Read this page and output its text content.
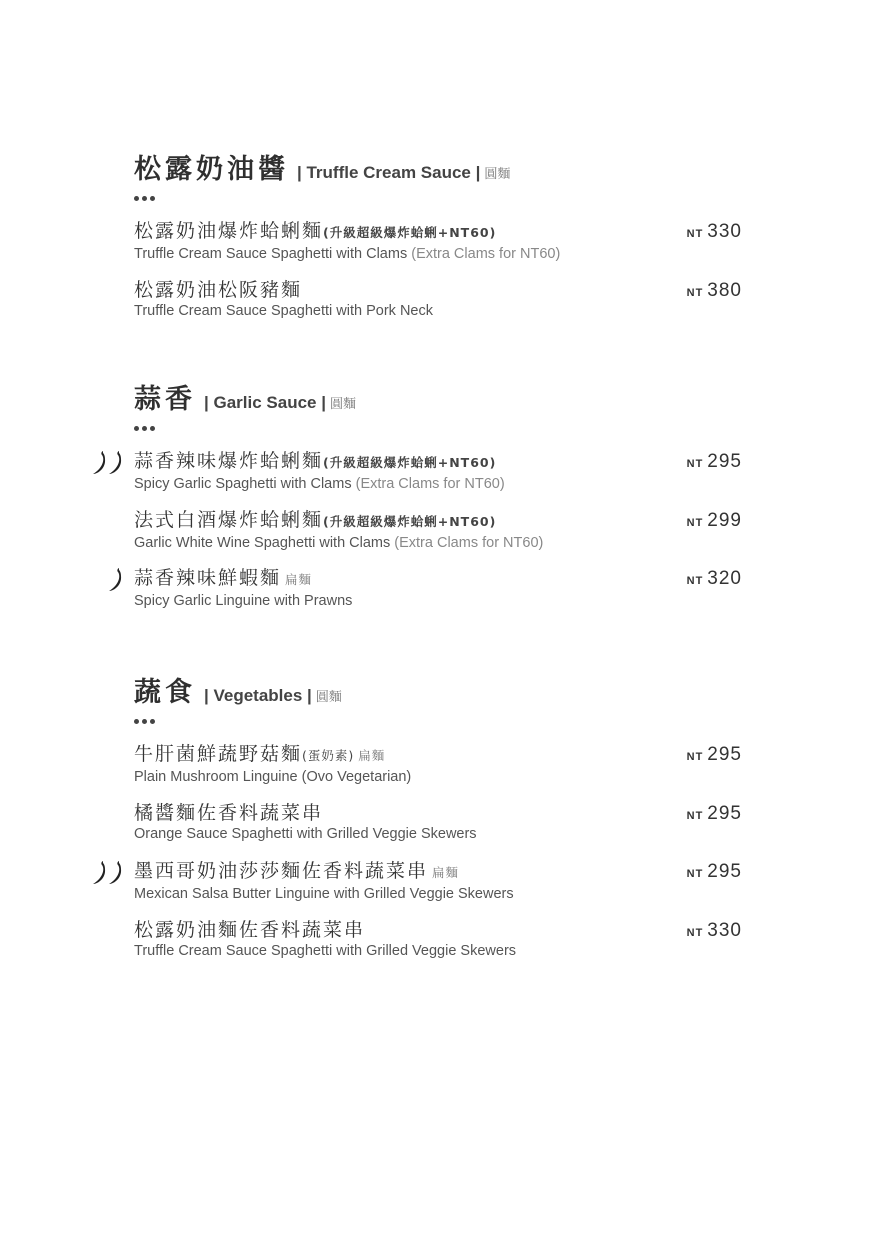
松露奶油醬 | Truffle Cream Sauce | 圓麵
松露奶油爆炸蛤蜊麵(升級超級爆炸蛤蜊+NT60)
Truffle Cream Sauce Spaghetti with Clams (Extra Clams for NT60)
NT 330
松露奶油松阪豬麵
Truffle Cream Sauce Spaghetti with Pork Neck
NT 380
蒜香 | Garlic Sauce | 圓麵
蒜香辣味爆炸蛤蜊麵(升級超級爆炸蛤蜊+NT60)
Spicy Garlic Spaghetti with Clams (Extra Clams for NT60)
NT 295
法式白酒爆炸蛤蜊麵(升級超級爆炸蛤蜊+NT60)
Garlic White Wine Spaghetti with Clams (Extra Clams for NT60)
NT 299
蒜香辣味鮮蝦麵 扁麵
Spicy Garlic Linguine with Prawns
NT 320
蔬食 | Vegetables | 圓麵
牛肝菌鮮蔬野菇麵(蛋奶素) 扁麵
Plain Mushroom Linguine (Ovo Vegetarian)
NT 295
橘醬麵佐香料蔬菜串
Orange Sauce Spaghetti with Grilled Veggie Skewers
NT 295
墨西哥奶油莎莎麵佐香料蔬菜串 扁麵
Mexican Salsa Butter Linguine with Grilled Veggie Skewers
NT 295
松露奶油麵佐香料蔬菜串
Truffle Cream Sauce Spaghetti with Grilled Veggie Skewers
NT 330
